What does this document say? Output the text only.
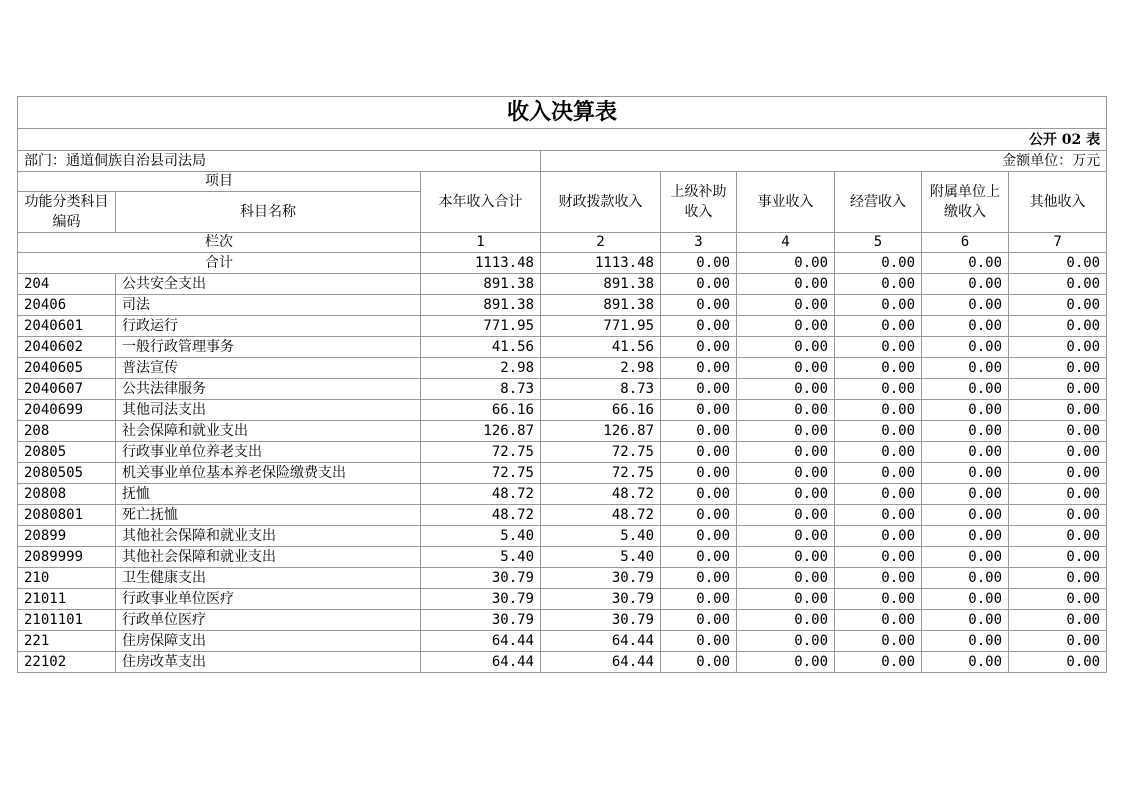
收入决算表								
公开 02 表								
部门：通道侗族自治县司法局			金额单位：万元					
项目		本年收入合计	财政拨款收入	上级补助收入	事业收入	经营收入	附属单位上缴收入	其他收入
功能分类科目编码	科目名称							
栏次		1	2	3	4	5	6	7
合计		1113.48	1113.48	0.00	0.00	0.00	0.00	0.00
204	公共安全支出	891.38	891.38	0.00	0.00	0.00	0.00	0.00
20406	司法	891.38	891.38	0.00	0.00	0.00	0.00	0.00
2040601	行政运行	771.95	771.95	0.00	0.00	0.00	0.00	0.00
2040602	一般行政管理事务	41.56	41.56	0.00	0.00	0.00	0.00	0.00
2040605	普法宣传	2.98	2.98	0.00	0.00	0.00	0.00	0.00
2040607	公共法律服务	8.73	8.73	0.00	0.00	0.00	0.00	0.00
2040699	其他司法支出	66.16	66.16	0.00	0.00	0.00	0.00	0.00
208	社会保障和就业支出	126.87	126.87	0.00	0.00	0.00	0.00	0.00
20805	行政事业单位养老支出	72.75	72.75	0.00	0.00	0.00	0.00	0.00
2080505	机关事业单位基本养老保险缴费支出	72.75	72.75	0.00	0.00	0.00	0.00	0.00
20808	抚恤	48.72	48.72	0.00	0.00	0.00	0.00	0.00
2080801	死亡抚恤	48.72	48.72	0.00	0.00	0.00	0.00	0.00
20899	其他社会保障和就业支出	5.40	5.40	0.00	0.00	0.00	0.00	0.00
2089999	其他社会保障和就业支出	5.40	5.40	0.00	0.00	0.00	0.00	0.00
210	卫生健康支出	30.79	30.79	0.00	0.00	0.00	0.00	0.00
21011	行政事业单位医疗	30.79	30.79	0.00	0.00	0.00	0.00	0.00
2101101	行政单位医疗	30.79	30.79	0.00	0.00	0.00	0.00	0.00
221	住房保障支出	64.44	64.44	0.00	0.00	0.00	0.00	0.00
22102	住房改革支出	64.44	64.44	0.00	0.00	0.00	0.00	0.00
